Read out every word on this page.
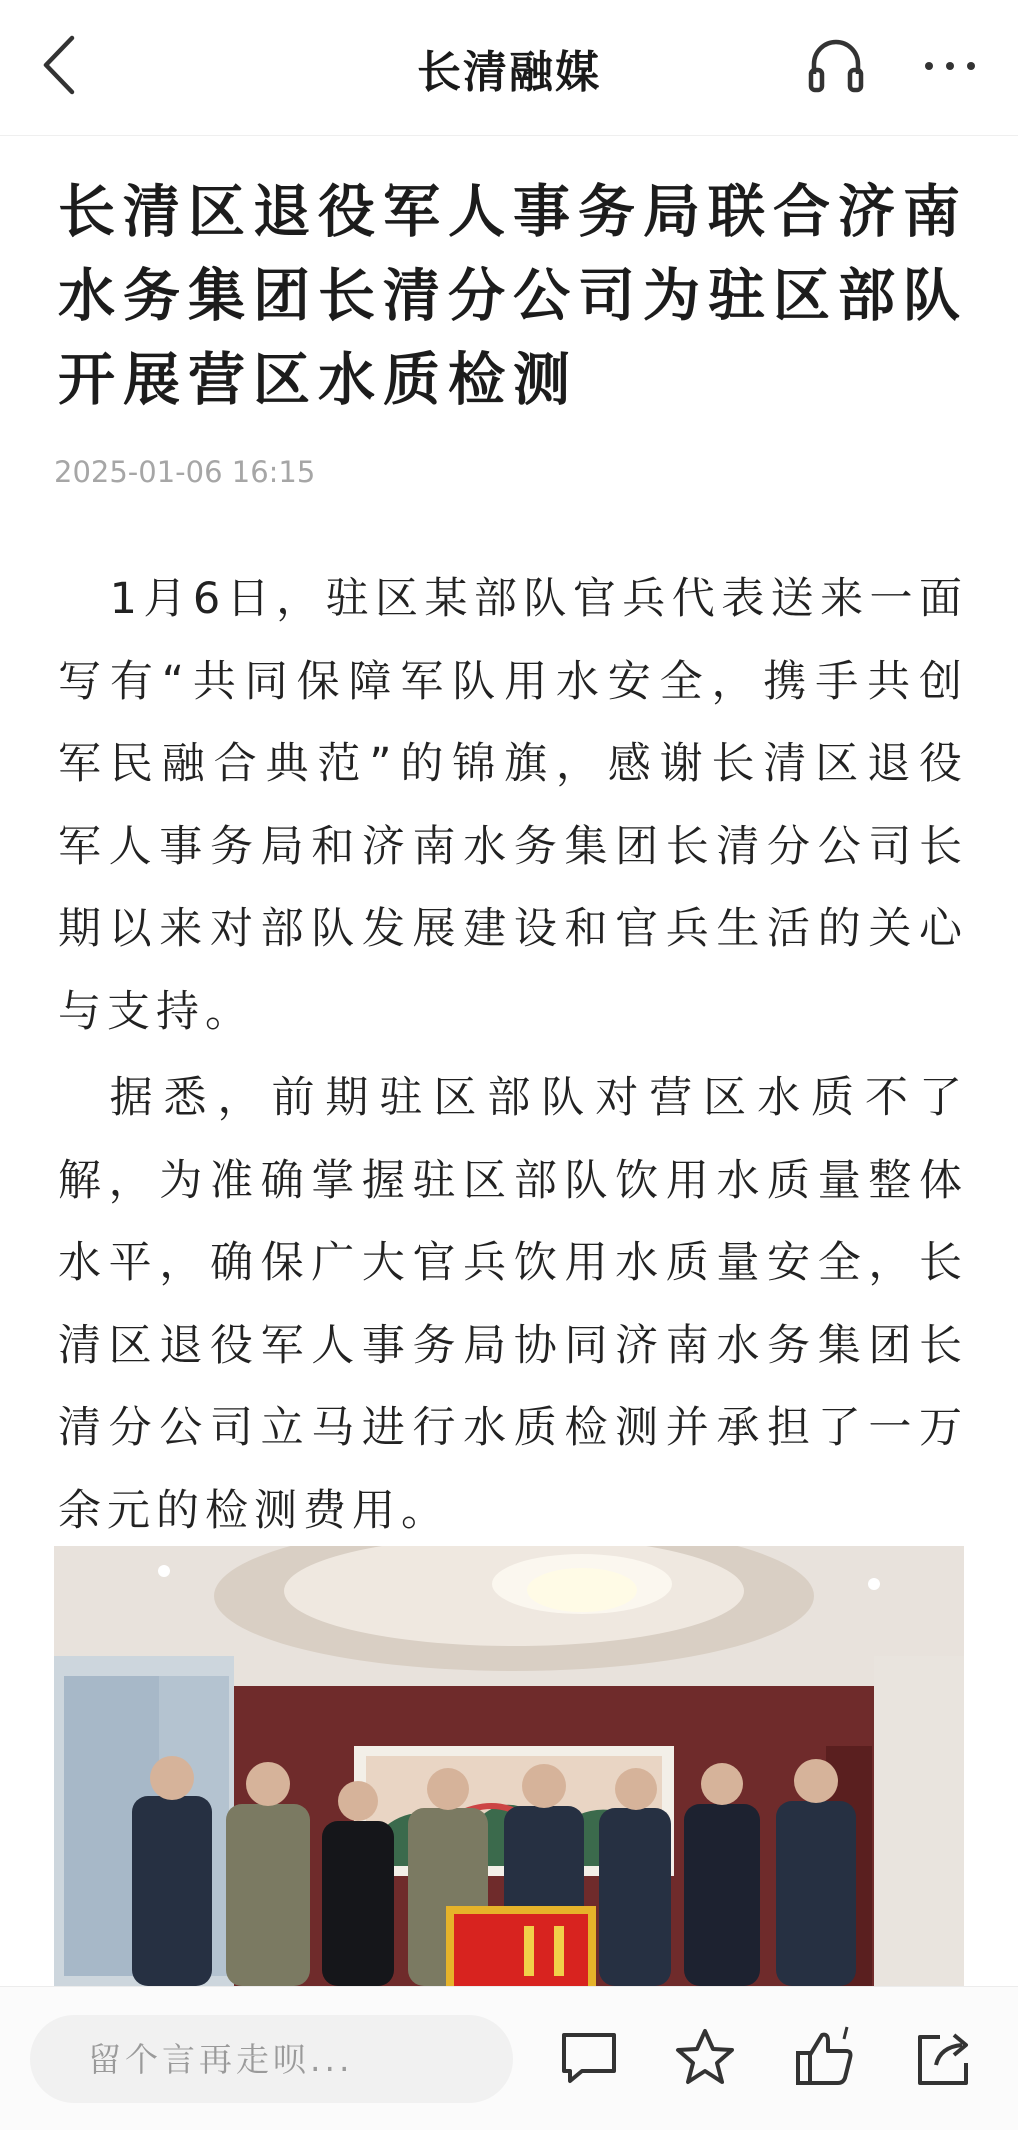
长清融媒
长清区退役军人事务局联合济南水务集团长清分公司为驻区部队开展营区水质检测
2025-01-06 16:15

1月6日，驻区某部队官兵代表送来一面写有“共同保障军队用水安全，携手共创军民融合典范”的锦旗，感谢长清区退役军人事务局和济南水务集团长清分公司长期以来对部队发展建设和官兵生活的关心与支持。

据悉，前期驻区部队对营区水质不了解，为准确掌握驻区部队饮用水质量整体水平，确保广大官兵饮用水质量安全，长清区退役军人事务局协同济南水务集团长清分公司立马进行水质检测并承担了一万余元的检测费用。

留个言再走呗...
